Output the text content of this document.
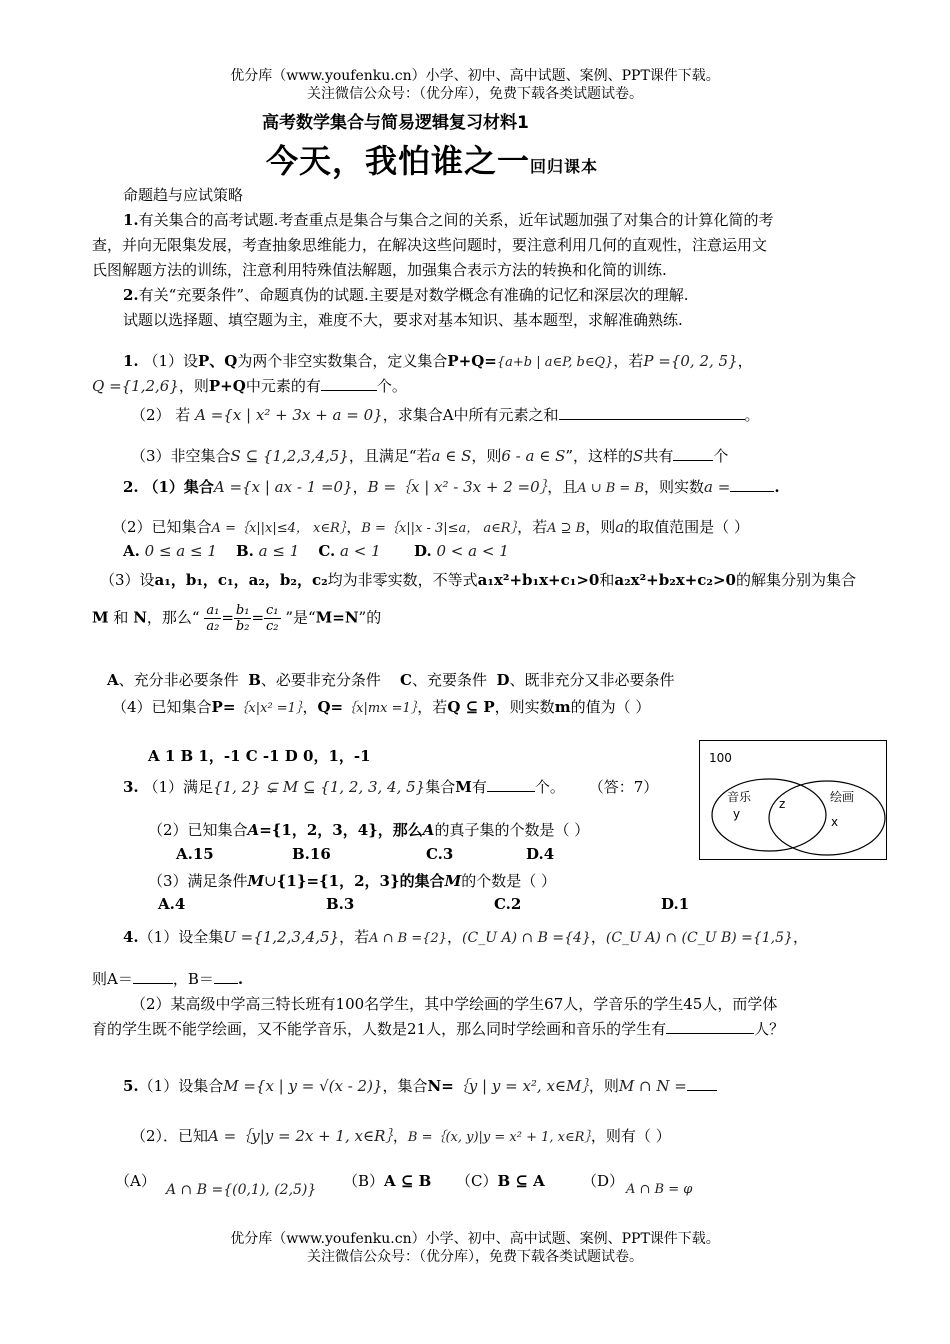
优分库（www.youfenku.cn）小学、初中、高中试题、案例、PPT课件下载。
关注微信公众号：（优分库），免费下载各类试题试卷。
高考数学集合与简易逻辑复习材料1
今天，我怕谁之一回归课本
命题趋与应试策略
1.有关集合的高考试题.考查重点是集合与集合之间的关系，近年试题加强了对集合的计算化简的考
查，并向无限集发展，考查抽象思维能力，在解决这些问题时，要注意利用几何的直观性，注意运用文
氏图解题方法的训练，注意利用特殊值法解题，加强集合表示方法的转换和化简的训练.
2.有关“充要条件”、命题真伪的试题.主要是对数学概念有准确的记忆和深层次的理解.
试题以选择题、填空题为主，难度不大，要求对基本知识、基本题型，求解准确熟练.
1. （1）设P、Q为两个非空实数集合，定义集合P+Q={a+b | a∈P, b∈Q}，若P ={0, 2, 5}，
Q ={1,2,6}，则P+Q中元素的有	个。
（2） 若 A ={x | x² + 3x + a = 0}，求集合A中所有元素之和	。
（3）非空集合S ⊆ {1,2,3,4,5}，且满足“若a ∈ S，则6 - a ∈ S”，这样的S共有	个
2. （1）集合A ={x | ax - 1 =0}，B =｛x | x² - 3x + 2 =0｝，且A ∪ B = B，则实数a =	.
（2）已知集合A =｛x||x|≤4， x∈R｝，B =｛x||x - 3|≤a， a∈R｝，若A ⊇ B，则a的取值范围是（ ）
A. 0 ≤ a ≤ 1 B. a ≤ 1 C. a < 1 D. 0 < a < 1
（3）设a₁，b₁，c₁，a₂，b₂，c₂均为非零实数，不等式a₁x²+b₁x+c₁>0和a₂x²+b₂x+c₂>0的解集分别为集合
M 和 N，那么“ $\frac{\text{a₁}}{\text{a₂}} = \frac{\text{b₁}}{\text{b₂}} = \frac{\text{c₁}}{\text{c₂}}$ ”是“M=N”的
A、充分非必要条件 B、必要非充分条件 C、充要条件 D、既非充分又非必要条件
（4）已知集合P=｛x|x² =1｝，Q=｛x|mx =1｝，若Q ⊆ P，则实数m的值为（ ）
A 1 B 1，-1 C -1 D 0，1，-1	100
音乐
y
z	绘画
x
3. （1）满足{1, 2} ⊊ M ⊆ {1, 2, 3, 4, 5}集合M有	个。 （答：7）
（2）已知集合A={1，2，3，4}，那么A的真子集的个数是（ ）
A.15	B.16	C.3	D.4
（3）满足条件M∪{1}={1，2，3}的集合M的个数是（ ）
A.4	B.3	C.2	D.1
4.（1）设全集U ={1,2,3,4,5}，若A ∩ B ={2}，(C_U A) ∩ B ={4}，(C_U A) ∩ (C_U B) ={1,5}，
则A＝	，B＝ .
（2）某高级中学高三特长班有100名学生，其中学绘画的学生67人，学音乐的学生45人，而学体
育的学生既不能学绘画，又不能学音乐，人数是21人，那么同时学绘画和音乐的学生有	人？
5.（1）设集合M ={x | y = √(x - 2)}，集合N=｛y | y = x², x∈M｝，则M ∩ N =
（2）．已知A =｛y|y = 2x + 1, x∈R｝，B =｛(x, y)|y = x² + 1, x∈R｝，则有（ ）
（A） A ∩ B ={(0,1), (2,5)} （B）A ⊆ B （C）B ⊆ A （D） A ∩ B = φ
优分库（www.youfenku.cn）小学、初中、高中试题、案例、PPT课件下载。
关注微信公众号：（优分库），免费下载各类试题试卷。
